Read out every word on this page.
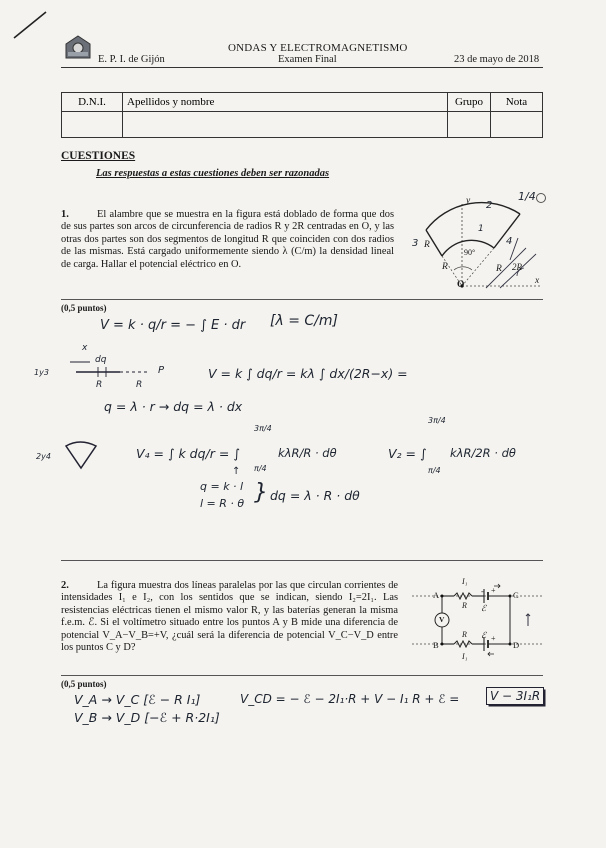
E. P. I. de Gijón
ONDAS Y ELECTROMAGNETISMO
Examen Final	23 de mayo de 2018
D.N.I.	Apellidos y nombre	Grupo	Nota

CUESTIONES
Las respuestas a estas cuestiones deben ser razonadas
1.	El alambre que se muestra en la figura está doblado de forma que dos de sus partes son arcos de circunferencia de radios R y 2R centradas en O, y las otras dos partes son dos segmentos de longitud R que coinciden con dos radios de las mismas. Está cargado uniformemente siendo λ (C/m) la densidad lineal de carga. Hallar el potencial eléctrico en O.
y
x
R
R	R 2R
90°
O
1/4
2
1
3	4
(0,5 puntos)
V = k · q/r = − ∫ E · dr [λ = C/m]
x
dq
R	R
P
1y3	V = k ∫ dq/r = kλ ∫ dx/(2R−x) =
q = λ · r → dq = λ · dx
2y4	V₄ = ∫ k dq/r = ∫
3π/4
π/4
kλR/R · dθ	V₂ = ∫
3π/4
π/4
kλR/2R · dθ
q = k · l
l = R · θ
dq = λ · R · dθ
↑
}
2.	La figura muestra dos líneas paralelas por las que circulan corrientes de intensidades I₁ e I₂, con los sentidos que se indican, siendo I₂=2I₁. Las resistencias eléctricas tienen el mismo valor R, y las baterías generan la misma f.e.m. ℰ. Si el voltímetro situado entre los puntos A y B mide una diferencia de potencial V_A−V_B=+V, ¿cuál será la diferencia de potencial V_C−V_D entre los puntos C y D?
A
B
C
D
I₁
I₁
R
R
ℰ
ℰ
V
+
+
-
(0,5 puntos)
V_A → V_C [ℰ − R I₁]
V_B → V_D [−ℰ + R·2I₁]
V_CD = − ℰ − 2I₁·R + V − I₁ R + ℰ =	V − 3I₁R
